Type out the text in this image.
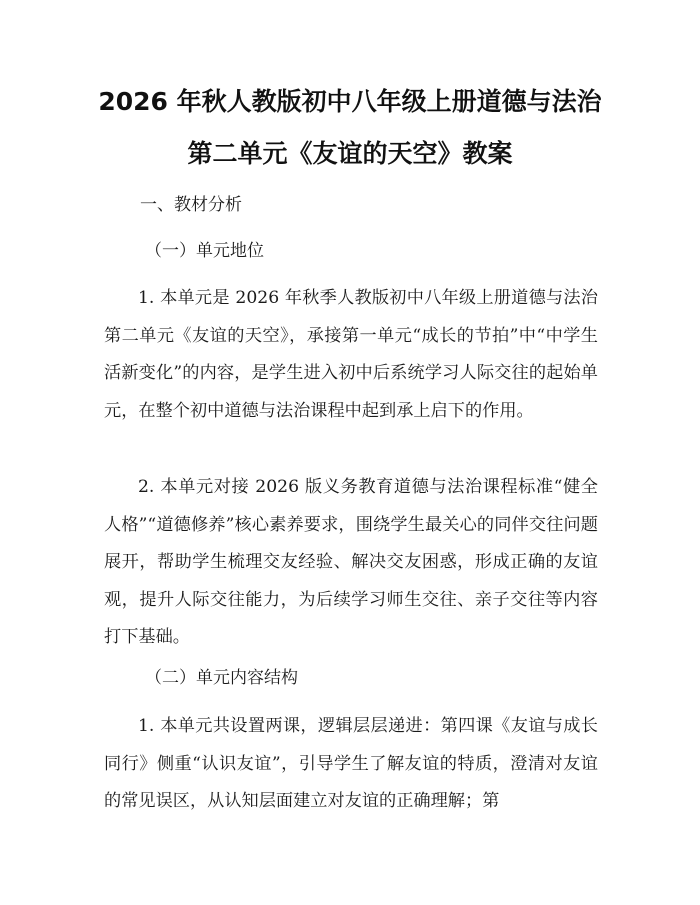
2026 年秋人教版初中八年级上册道德与法治
第二单元《友谊的天空》教案
一、教材分析
（一）单元地位

1. 本单元是 2026 年秋季人教版初中八年级上册道德与法治第二单元《友谊的天空》，承接第一单元“成长的节拍”中“中学生活新变化”的内容，是学生进入初中后系统学习人际交往的起始单元，在整个初中道德与法治课程中起到承上启下的作用。

2. 本单元对接 2026 版义务教育道德与法治课程标准“健全人格”“道德修养”核心素养要求，围绕学生最关心的同伴交往问题展开，帮助学生梳理交友经验、解决交友困惑，形成正确的友谊观，提升人际交往能力，为后续学习师生交往、亲子交往等内容打下基础。

（二）单元内容结构

1. 本单元共设置两课，逻辑层层递进：第四课《友谊与成长同行》侧重“认识友谊”，引导学生了解友谊的特质，澄清对友谊的常见误区，从认知层面建立对友谊的正确理解；第
